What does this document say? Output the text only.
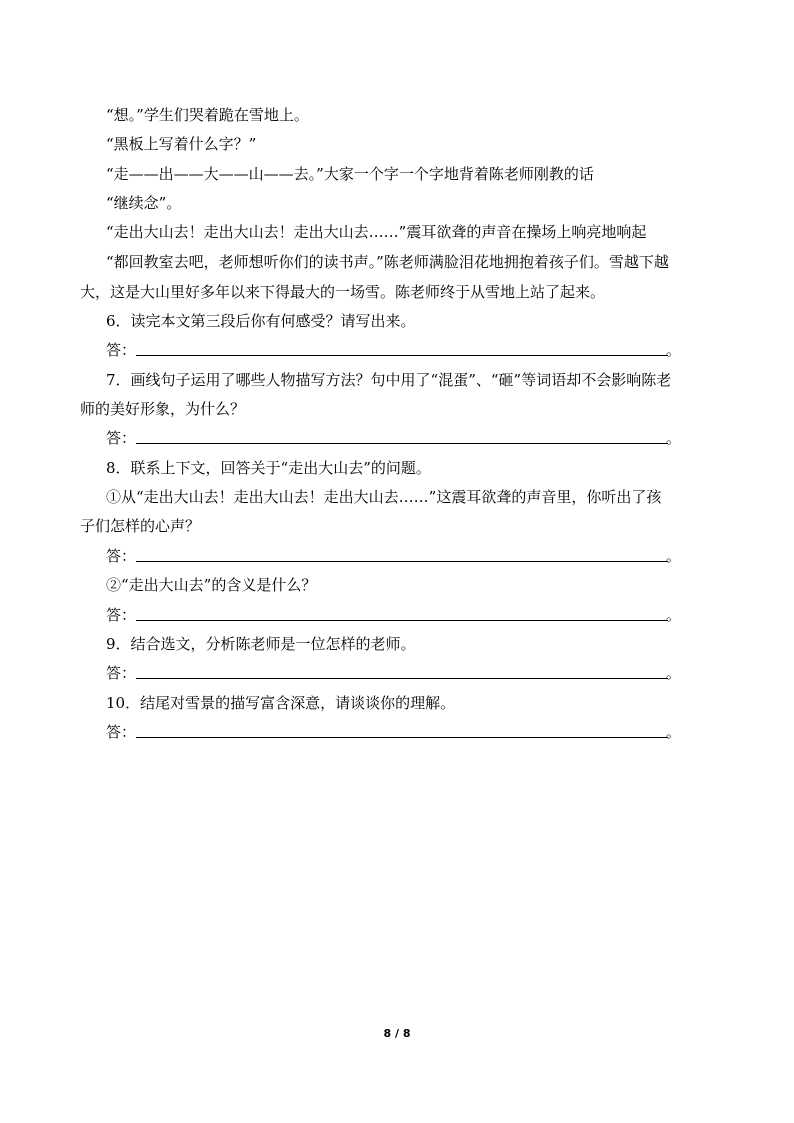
“想。”学生们哭着跪在雪地上。
“黑板上写着什么字？”
“走——出——大——山——去。”大家一个字一个字地背着陈老师刚教的话
“继续念”。
“走出大山去！走出大山去！走出大山去……”震耳欲聋的声音在操场上响亮地响起
“都回教室去吧，老师想听你们的读书声。”陈老师满脸泪花地拥抱着孩子们。雪越下越
大，这是大山里好多年以来下得最大的一场雪。陈老师终于从雪地上站了起来。
6．读完本文第三段后你有何感受？请写出来。
答：	。
7．画线句子运用了哪些人物描写方法？句中用了“混蛋”、“砸”等词语却不会影响陈老
师的美好形象，为什么？
答：	。
8．联系上下文，回答关于“走出大山去”的问题。
①从“走出大山去！走出大山去！走出大山去……”这震耳欲聋的声音里，你听出了孩
子们怎样的心声？
答：	。
②“走出大山去”的含义是什么？
答：	。
9．结合选文，分析陈老师是一位怎样的老师。
答：	。
10．结尾对雪景的描写富含深意，请谈谈你的理解。
答：	。
8 / 8
